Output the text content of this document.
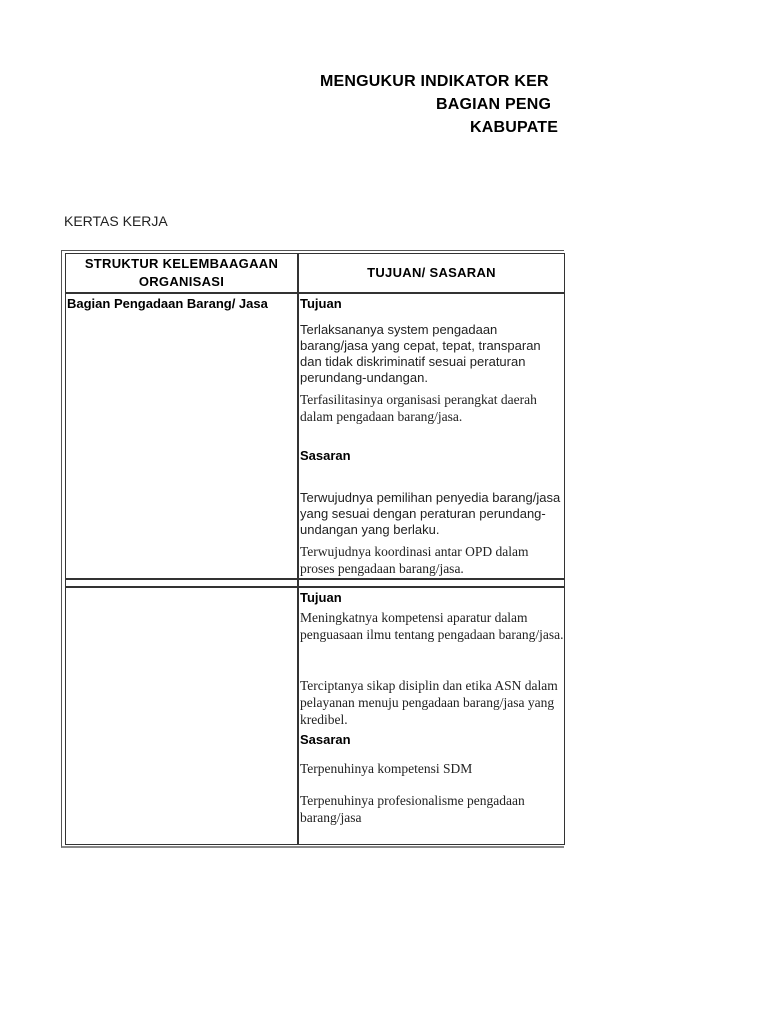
MENGUKUR INDIKATOR KER
BAGIAN PENG
KABUPATE
KERTAS KERJA
STRUKTUR KELEMBAAGAAN ORGANISASI
TUJUAN/ SASARAN
Bagian Pengadaan Barang/ Jasa Tujuan
Terlaksananya system pengadaan barang/jasa yang cepat, tepat, transparan dan tidak diskriminatif sesuai peraturan perundang-undangan.
Terfasilitasinya organisasi perangkat daerah dalam pengadaan barang/jasa.
Sasaran
Terwujudnya pemilihan penyedia barang/jasa yang sesuai dengan peraturan perundang-undangan yang berlaku.
Terwujudnya koordinasi antar OPD dalam proses pengadaan barang/jasa.
Tujuan
Meningkatnya kompetensi aparatur dalam penguasaan ilmu tentang pengadaan barang/jasa.
Terciptanya sikap disiplin dan etika ASN dalam pelayanan menuju pengadaan barang/jasa yang kredibel.
Sasaran
Terpenuhinya kompetensi SDM
Terpenuhinya profesionalisme pengadaan barang/jasa
